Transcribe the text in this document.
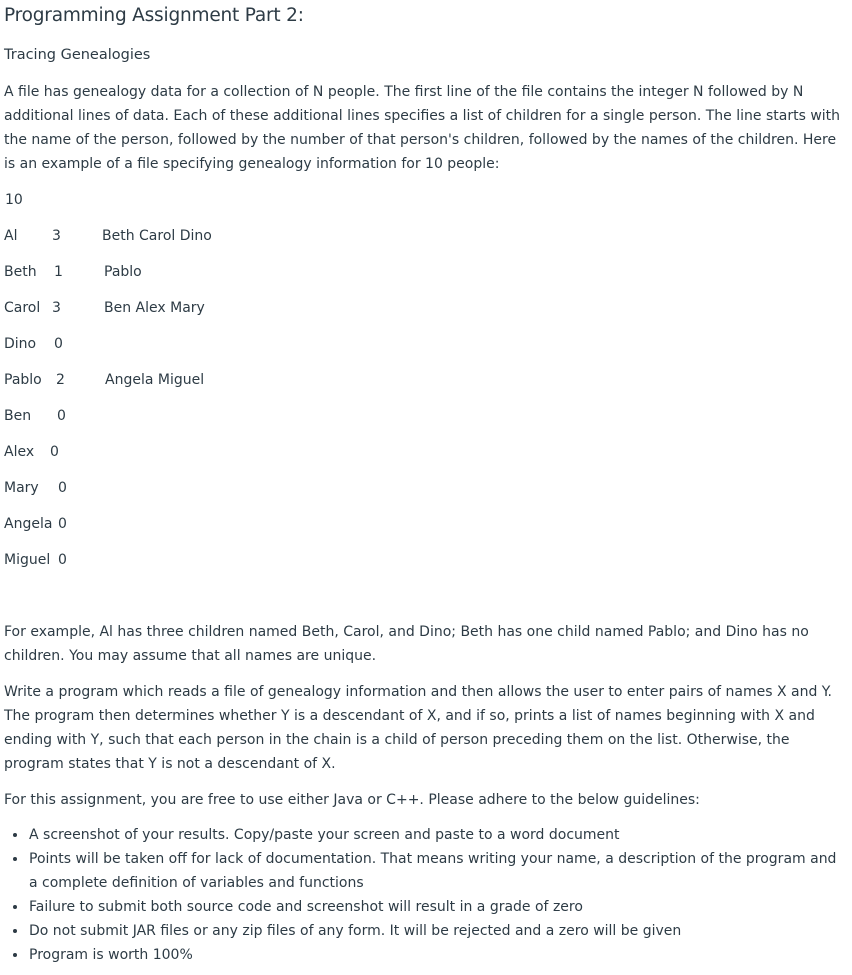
Programming Assignment Part 2:
Tracing Genealogies

A file has genealogy data for a collection of N people. The first line of the file contains the integer N followed by N additional lines of data. Each of these additional lines specifies a list of children for a single person. The line starts with the name of the person, followed by the number of that person's children, followed by the names of the children. Here is an example of a file specifying genealogy information for 10 people:

10
Al 3	Beth Carol Dino
Beth 1	Pablo
Carol 3	Ben Alex Mary
Dino 0
Pablo 2	Angela Miguel
Ben 0
Alex 0
Mary 0
Angela 0
Miguel 0

For example, Al has three children named Beth, Carol, and Dino; Beth has one child named Pablo; and Dino has no children. You may assume that all names are unique.

Write a program which reads a file of genealogy information and then allows the user to enter pairs of names X and Y. The program then determines whether Y is a descendant of X, and if so, prints a list of names beginning with X and ending with Y, such that each person in the chain is a child of person preceding them on the list. Otherwise, the program states that Y is not a descendant of X.

For this assignment, you are free to use either Java or C++. Please adhere to the below guidelines:

A screenshot of your results. Copy/paste your screen and paste to a word document
Points will be taken off for lack of documentation. That means writing your name, a description of the program and a complete definition of variables and functions
Failure to submit both source code and screenshot will result in a grade of zero
Do not submit JAR files or any zip files of any form. It will be rejected and a zero will be given
Program is worth 100%
